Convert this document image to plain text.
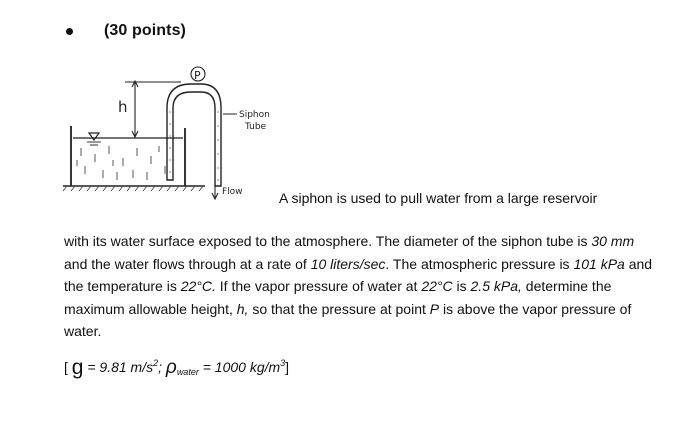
(30 points)
h
P
Siphon
Tube
Flow	A siphon is used to pull water from a large reservoir
with its water surface exposed to the atmosphere. The diameter of the siphon tube is 30 mm and the water flows through at a rate of 10 liters/sec. The atmospheric pressure is 101 kPa and the temperature is 22°C. If the vapor pressure of water at 22°C is 2.5 kPa, determine the maximum allowable height, h, so that the pressure at point P is above the vapor pressure of water.
[ g = 9.81 $m/s^2$; $\rho_{water} = 1000$ $kg/m^3$]
